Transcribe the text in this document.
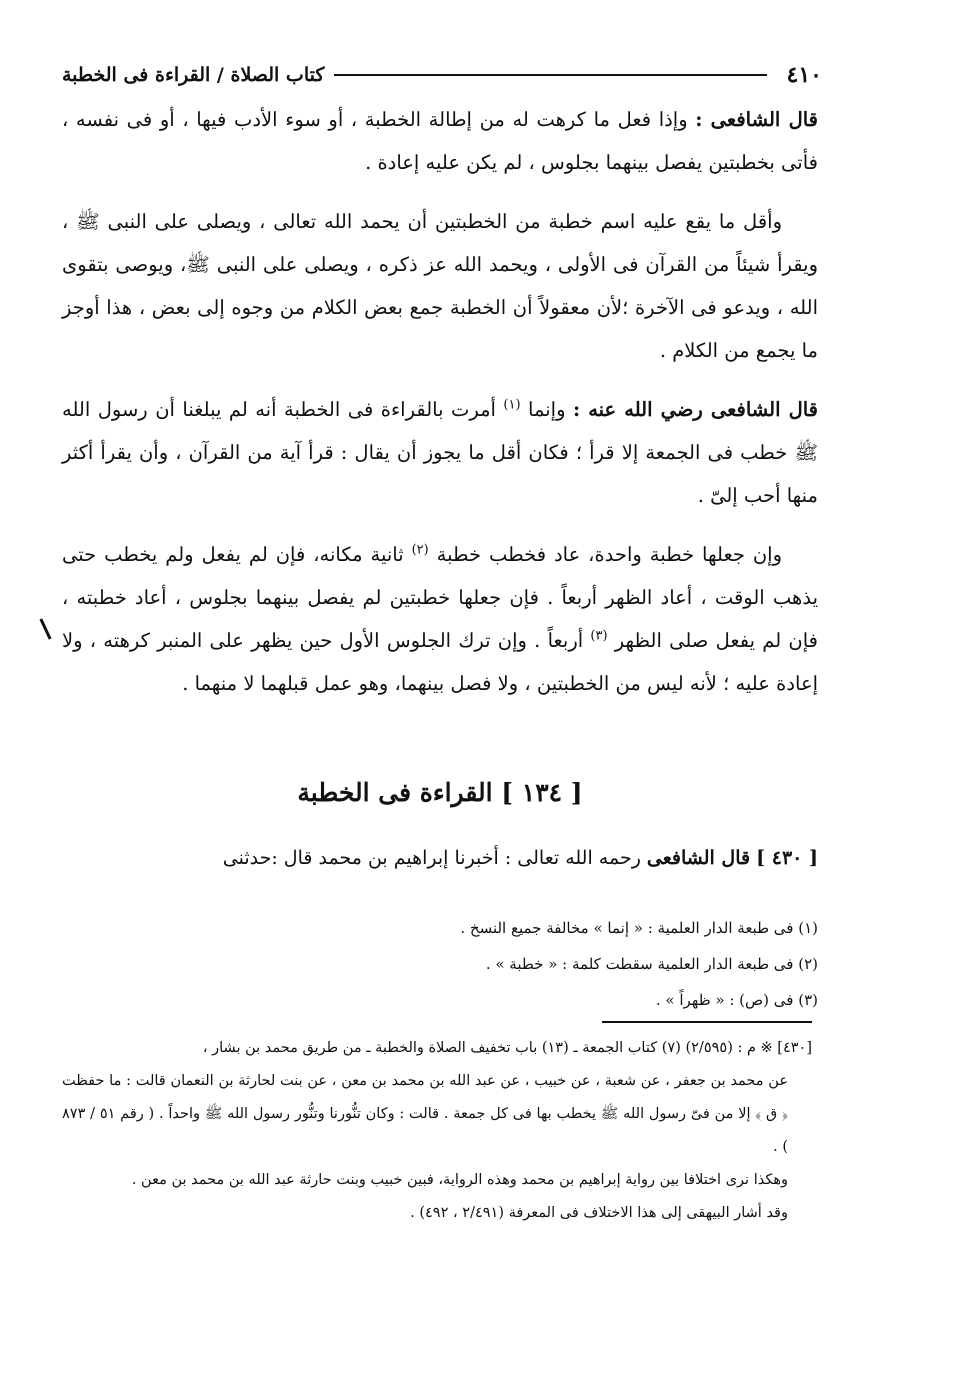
٤١٠
كتاب الصلاة / القراءة فى الخطبة

قال الشافعى : وإذا فعل ما كرهت له من إطالة الخطبة ، أو سوء الأدب فيها ، أو فى نفسه ، فأتى بخطبتين يفصل بينهما بجلوس ، لم يكن عليه إعادة .

وأقل ما يقع عليه اسم خطبة من الخطبتين أن يحمد الله تعالى ، ويصلى على النبى ﷺ ، ويقرأ شيئاً من القرآن فى الأولى ، ويحمد الله عز ذكره ، ويصلى على النبى ﷺ، ويوصى بتقوى الله ، ويدعو فى الآخرة ؛لأن معقولاً أن الخطبة جمع بعض الكلام من وجوه إلى بعض ، هذا أوجز ما يجمع من الكلام .

قال الشافعى رضي الله عنه : وإنما $^{(١)}$ أمرت بالقراءة فى الخطبة أنه لم يبلغنا أن رسول الله ﷺ خطب فى الجمعة إلا قرأ ؛ فكان أقل ما يجوز أن يقال : قرأ آية من القرآن ، وأن يقرأ أكثر منها أحب إلىّ .

وإن جعلها خطبة واحدة، عاد فخطب خطبة $^{(٢)}$ ثانية مكانه، فإن لم يفعل ولم يخطب حتى يذهب الوقت ، أعاد الظهر أربعاً . فإن جعلها خطبتين لم يفصل بينهما بجلوس ، أعاد خطبته ، فإن لم يفعل صلى الظهر $^{(٣)}$ أربعاً . وإن ترك الجلوس الأول حين يظهر على المنبر كرهته ، ولا إعادة عليه ؛ لأنه ليس من الخطبتين ، ولا فصل بينهما، وهو عمل قبلهما لا منهما .

[ ١٣٤ ] القراءة فى الخطبة
[ ٤٣٠ ] قال الشافعى رحمه الله تعالى : أخبرنا إبراهيم بن محمد قال :حدثنى
(١) فى طبعة الدار العلمية : « إنما » مخالفة جميع النسخ .
(٢) فى طبعة الدار العلمية سقطت كلمة : « خطبة » .
(٣) فى (ص) : « ظهراً » .

[٤٣٠] ※ م : (٢/٥٩٥) (٧) كتاب الجمعة ـ (١٣) باب تخفيف الصلاة والخطبة ـ من طريق محمد بن بشار ،

عن محمد بن جعفر ، عن شعبة ، عن خبيب ، عن عبد الله بن محمد بن معن ، عن بنت لحارثة بن النعمان قالت : ما حفظت ﴿ ق ﴾ إلا من فىّ رسول الله ﷺ يخطب بها فى كل جمعة . قالت : وكان تنُّورنا وتنُّور رسول الله ﷺ واحداً . ( رقم ٥١ / ٨٧٣ ) .

وهكذا نرى اختلافا بين رواية إبراهيم بن محمد وهذه الرواية، فبين خبيب وبنت حارثة عبد الله بن محمد بن معن .

وقد أشار البيهقى إلى هذا الاختلاف فى المعرفة (٢/٤٩١ ، ٤٩٢) .
